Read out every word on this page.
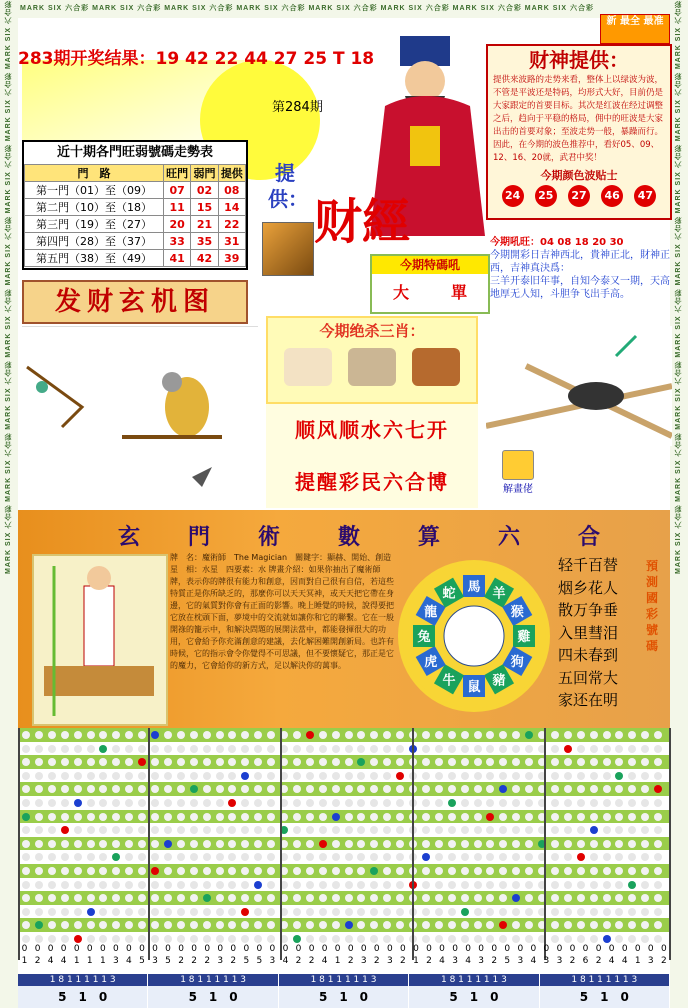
MARK SIX 六合彩 MARK SIX 六合彩 MARK SIX 六合彩 MARK SIX 六合彩 MARK SIX 六合彩 MARK SIX 六合彩 MARK SIX 六合彩 MARK SIX 六合彩
MARK SIX 六合彩 MARK SIX 六合彩 MARK SIX 六合彩 MARK SIX 六合彩 MARK SIX 六合彩 MARK SIX 六合彩 MARK SIX 六合彩 MARK SIX 六合彩	MARK SIX 六合彩 MARK SIX 六合彩 MARK SIX 六合彩 MARK SIX 六合彩 MARK SIX 六合彩 MARK SIX 六合彩 MARK SIX 六合彩 MARK SIX 六合彩
新 最全 最准
283期开奖结果：19 42 22 44 27 25 T 18
第284期
近十期各門旺弱號碼走勢表
門　路	旺門	弱門	提供
第一門（01）至（09）	07	02	08
第二門（10）至（18）	11	15	14
第三門（19）至（27）	20	21	22
第四門（28）至（37）	33	35	31
第五門（38）至（49）	41	42	39
财神提供：
提供来波路的走势来看，整体上以绿波为波，不管是平波还是特码，均形式大好，目前仍是大家跟定的首要目标。其次是红波在经过调整之后，趋向于平稳的格局，佣中的旺波是大家出击的首要对象；至波走势一般，暴躁而行。因此，在今期的波色推荐中，看好05、09、12、16、20就，武君中奖！
今期颜色波贴士
24	25	27	46	47
提供： 财經
今期特碼吼
大	單
今期吼旺：04 08 18 20 30
今期開彩日吉神西北，貴神正北，財神正西，吉神真決爲：
三羊开泰旧年事，自知今泰又一期，天高地厚无人知，斗胆争飞出手高。
发财玄机图
今期绝杀三肖：
顺风顺水六七开
提醒彩民六合博	解畫佬
玄 門 術	數	算	六	合
牌　名：魔術師　The Magician　關鍵字：顯赫、開始、創造　星　相：水星　四要素：水 牌畫介紹：如果你抽出了魔術師牌，表示你的牌很有能力和創意，因而對自己很有自信，若這些特質正是你所缺乏的，那麼你可以天天冥神，或天天把它帶在身邊，它的氣質對你會有正面的影響。晚上睡覺的時候，說得要把它放在枕頭下面，夢境中的交流就如讓你和它的聯繫。它在一般開祿的籠示中，和解決問題的展開法當中，都能發揮很大的功用，它會給予你充滿創意的建議，去化解困難開創新局。也許有時候，它的指示會令你覺得不可思議，但不要懷疑它，那正是它的魔力，它會給你的新方式，足以解決你的萬事。
馬 羊
猴
雞
狗
豬
鼠
牛
虎
兔
龍
蛇
轻千百替
烟乡花人
散万争垂
入里彗泪
四未春到
五回常大
家还在明
預測國彩號碼
0 0 0 0 0 0 0 0 0 0 0 0 0 0 0 0 0 0 0 0 0 0 0 0 0 0 0 0 0 0 0 0 0 0 0 0 0 0 0 0 0 0 0 0 0 0 0 0 0 0
1 2 4 4 1 1 1 3 4 5 3 5 2 2 2 3 2 5 5 3 4 2 2 4 1 2 3 2 3 2 1 2 4 3 4 3 2 5 3 4 3 3 2 6 2 4 4 1 3 2
1 8 1 1 1 1 1 3
5　1　0
1 8 1 1 1 1 1 3
5　1　0
1 8 1 1 1 1 1 3
5　1　0
1 8 1 1 1 1 1 3
5　1　0
1 8 1 1 1 1 1 3
5　1　0
